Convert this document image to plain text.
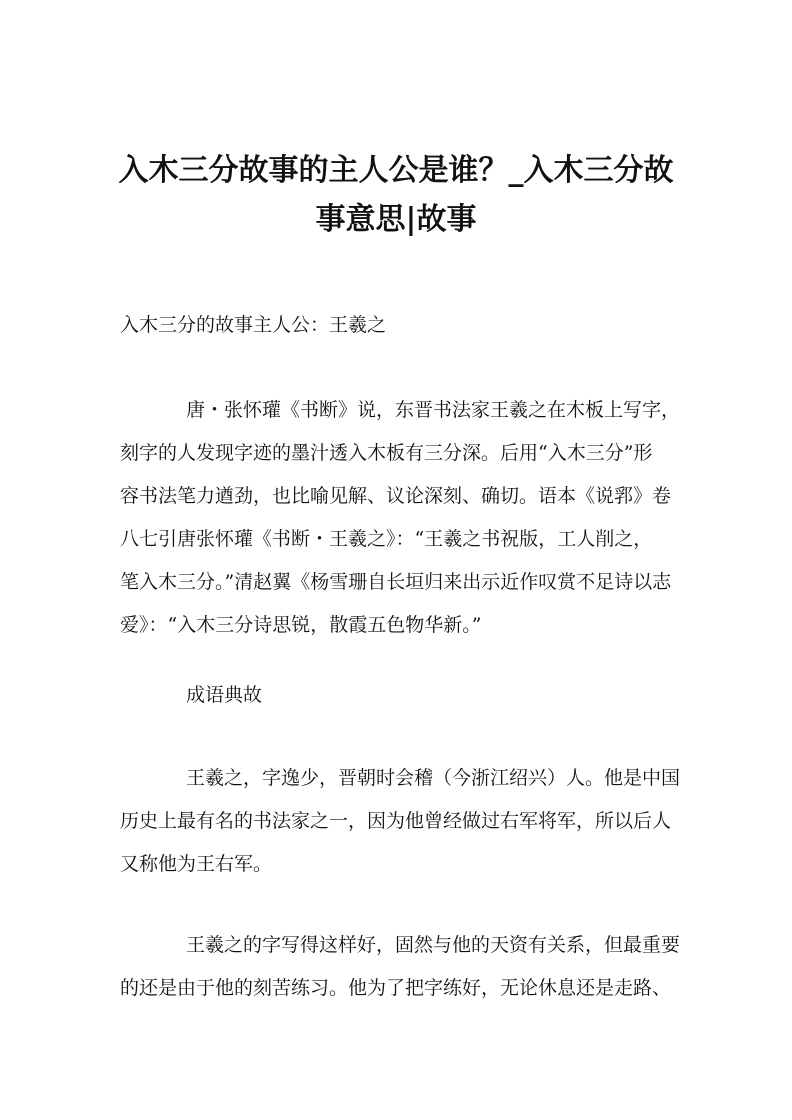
入木三分故事的主人公是谁？_入木三分故
事意思|故事
入木三分的故事主人公：王羲之
唐・张怀瓘《书断》说，东晋书法家王羲之在木板上写字，
刻字的人发现字迹的墨汁透入木板有三分深。后用“入木三分”形
容书法笔力遒劲，也比喻见解、议论深刻、确切。语本《说郛》卷
八七引唐张怀瓘《书断・王羲之》：“王羲之书祝版，工人削之，
笔入木三分。”清赵翼《杨雪珊自长垣归来出示近作叹赏不足诗以志
爱》：“入木三分诗思锐，散霞五色物华新。”
成语典故
王羲之，字逸少，晋朝时会稽（今浙江绍兴）人。他是中国
历史上最有名的书法家之一，因为他曾经做过右军将军，所以后人
又称他为王右军。
王羲之的字写得这样好，固然与他的天资有关系，但最重要
的还是由于他的刻苦练习。他为了把字练好，无论休息还是走路、
